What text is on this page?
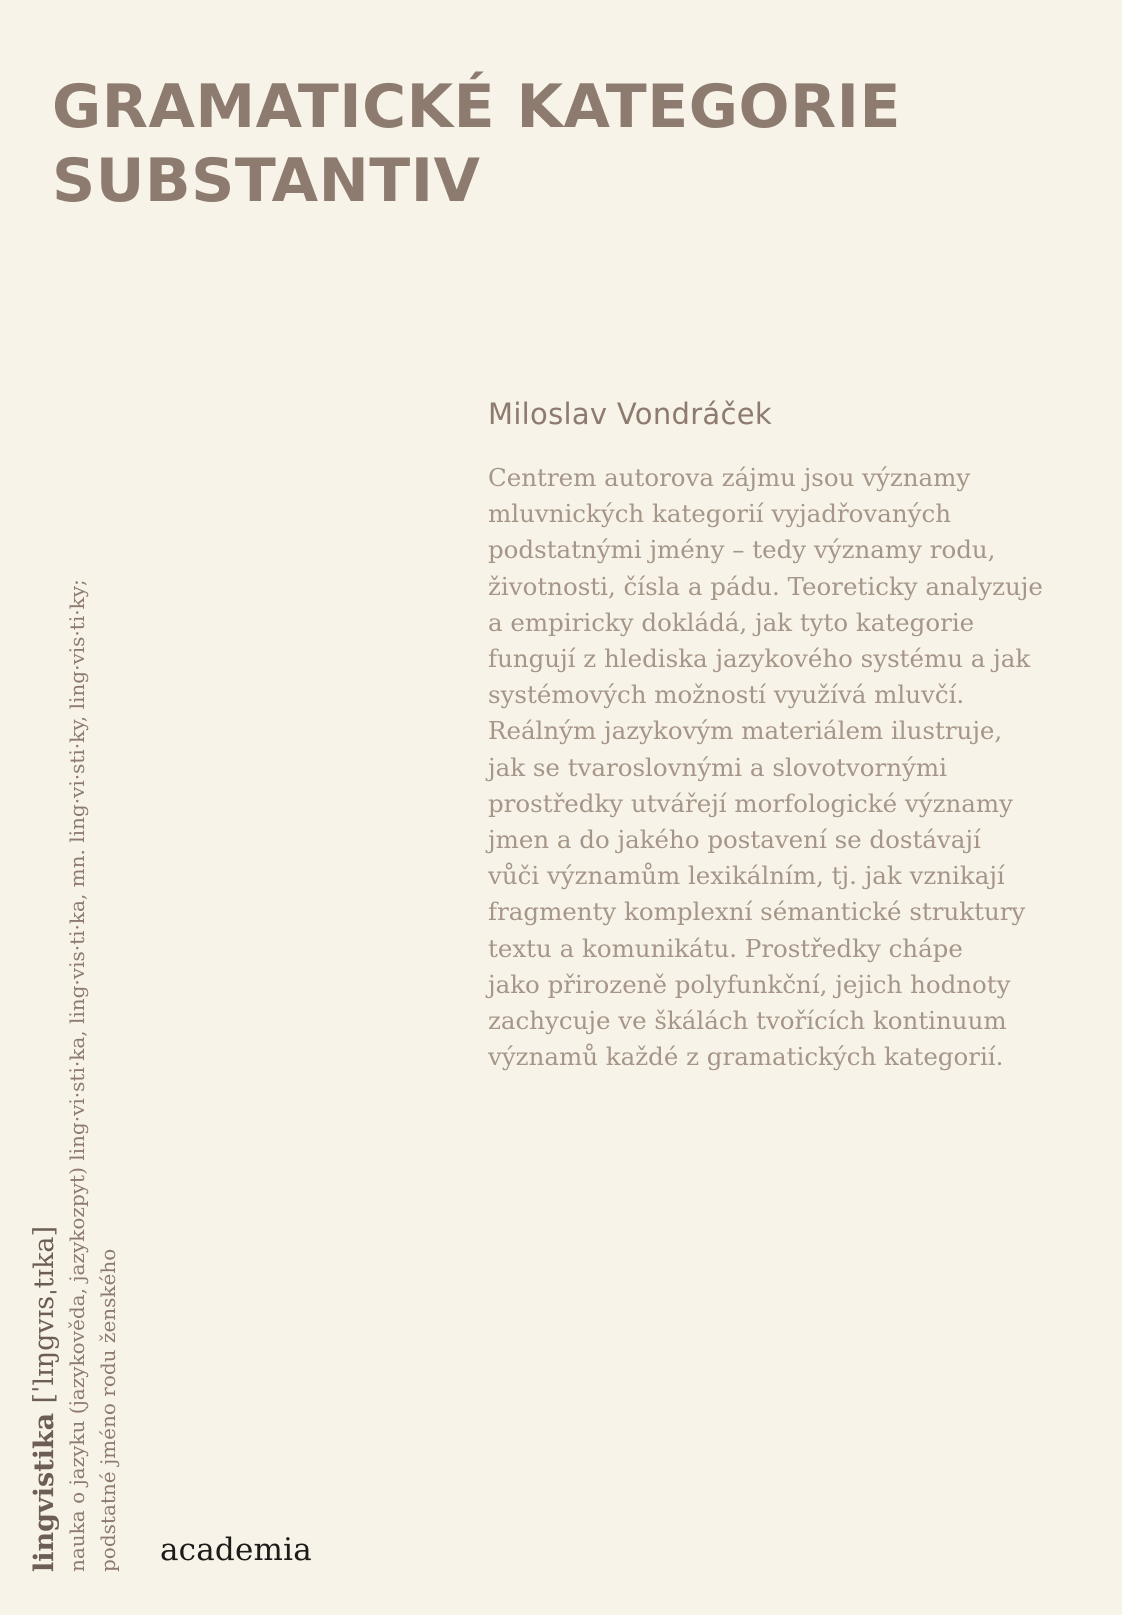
GRAMATICKÉ KATEGORIE
SUBSTANTIV
Miloslav Vondráček
Centrem autorova zájmu jsou významy
mluvnických kategorií vyjadřovaných
podstatnými jmény – tedy významy rodu,
životnosti, čísla a pádu. Teoreticky analyzuje
a empiricky dokládá, jak tyto kategorie
fungují z hlediska jazykového systému a jak
systémových možností využívá mluvčí.
Reálným jazykovým materiálem ilustruje,
jak se tvaroslovnými a slovotvornými
prostředky utvářejí morfologické významy
jmen a do jakého postavení se dostávají
vůči významům lexikálním, tj. jak vznikají
fragmenty komplexní sémantické struktury
textu a komunikátu. Prostředky chápe
jako přirozeně polyfunkční, jejich hodnoty
zachycuje ve škálách tvořících kontinuum
významů každé z gramatických kategorií.
lingvistika [ˈlɪŋgvɪsˌtɪka] nauka o jazyku (jazykověda, jazykozpyt) ling·vi·sti·ka, ling·vis·ti·ka, mn. ling·vi·sti·ky, ling·vis·ti·ky; podstatné jméno rodu ženského academia
